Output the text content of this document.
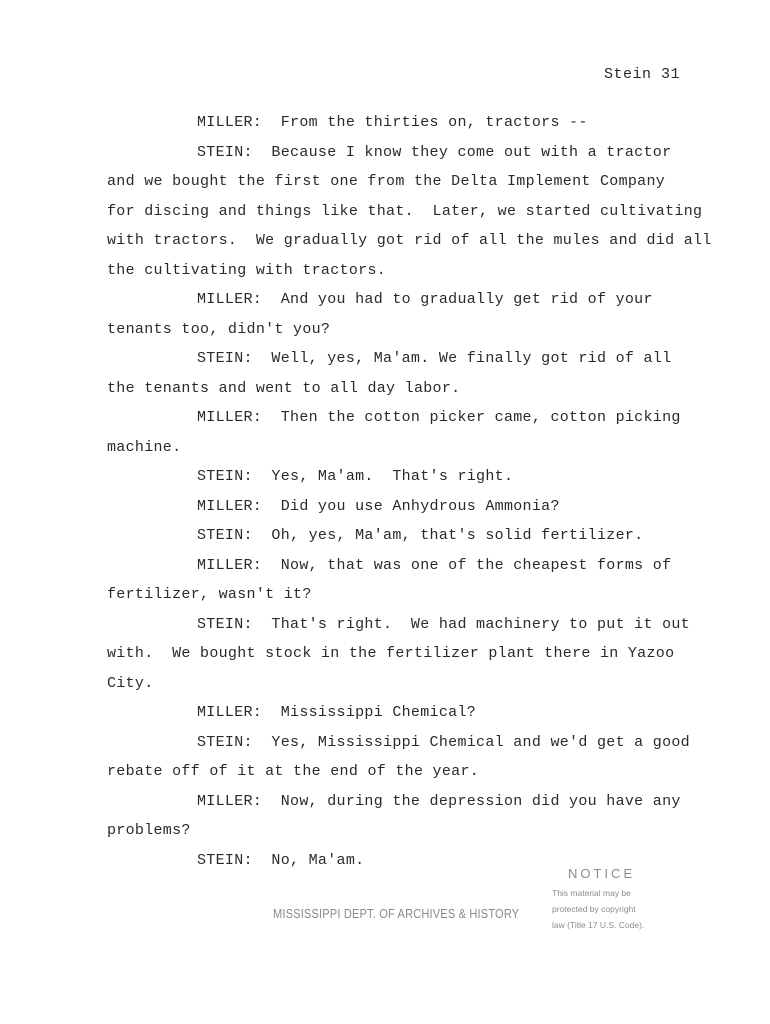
Stein 31
MILLER:  From the thirties on, tractors --
STEIN:  Because I know they come out with a tractor
and we bought the first one from the Delta Implement Company
for discing and things like that.  Later, we started cultivating
with tractors.  We gradually got rid of all the mules and did all
the cultivating with tractors.
MILLER:  And you had to gradually get rid of your
tenants too, didn't you?
STEIN:  Well, yes, Ma'am. We finally got rid of all
the tenants and went to all day labor.
MILLER:  Then the cotton picker came, cotton picking
machine.
STEIN:  Yes, Ma'am.  That's right.
MILLER:  Did you use Anhydrous Ammonia?
STEIN:  Oh, yes, Ma'am, that's solid fertilizer.
MILLER:  Now, that was one of the cheapest forms of
fertilizer, wasn't it?
STEIN:  That's right.  We had machinery to put it out
with.  We bought stock in the fertilizer plant there in Yazoo
City.
MILLER:  Mississippi Chemical?
STEIN:  Yes, Mississippi Chemical and we'd get a good
rebate off of it at the end of the year.
MILLER:  Now, during the depression did you have any
problems?
STEIN:  No, Ma'am.
NOTICE
This material may be
protected by copyright
law (Title 17 U.S. Code).
MISSISSIPPI DEPT. OF ARCHIVES & HISTORY
